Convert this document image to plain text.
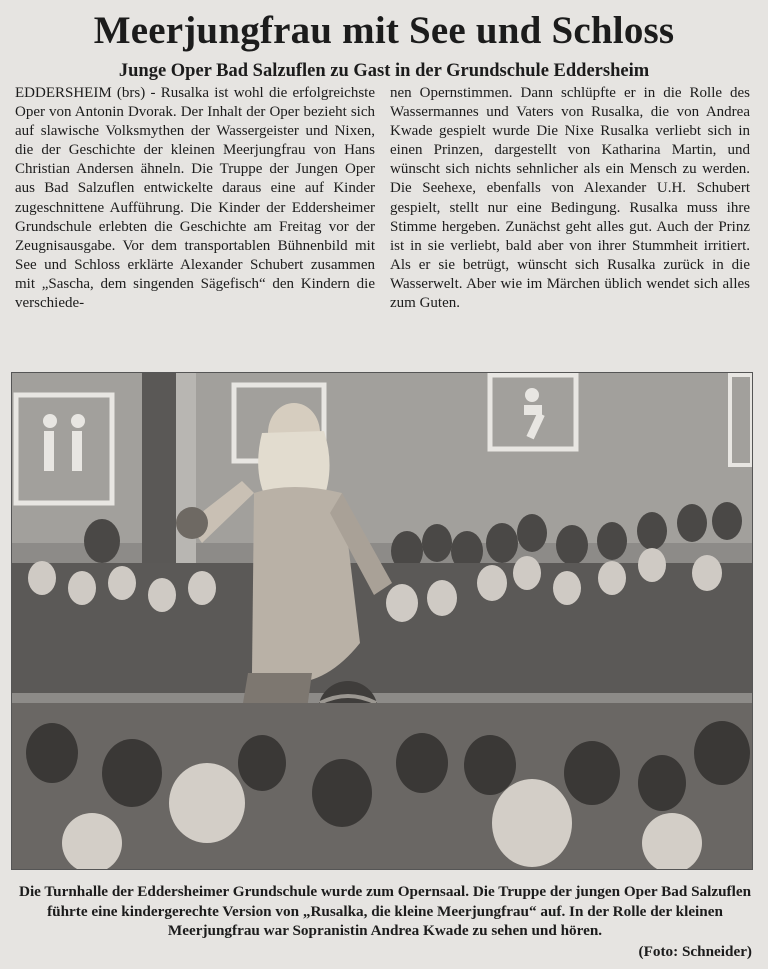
Meerjungfrau mit See und Schloss
Junge Oper Bad Salzuflen zu Gast in der Grundschule Eddersheim

EDDERSHEIM (brs) - Rusalka ist wohl die erfolgreichste Oper von Antonin Dvorak. Der Inhalt der Oper bezieht sich auf slawische Volksmythen der Wassergeister und Nixen, die der Geschichte der kleinen Meerjungfrau von Hans Christian Andersen ähneln. Die Truppe der Jungen Oper aus Bad Salzuflen entwickelte daraus eine auf Kinder zugeschnittene Aufführung. Die Kinder der Eddersheimer Grundschule erlebten die Geschichte am Freitag vor der Zeugnisausgabe. Vor dem transportablen Bühnenbild mit See und Schloss erklärte Alexander Schubert zusammen mit „Sascha, dem singenden Sägefisch“ den Kindern die verschiede-

nen Opernstimmen. Dann schlüpfte er in die Rolle des Wassermannes und Vaters von Rusalka, die von Andrea Kwade gespielt wurde Die Nixe Rusalka verliebt sich in einen Prinzen, dargestellt von Katharina Martin, und wünscht sich nichts sehnlicher als ein Mensch zu werden. Die Seehexe, ebenfalls von Alexander U.H. Schubert gespielt, stellt nur eine Bedingung. Rusalka muss ihre Stimme hergeben. Zunächst geht alles gut. Auch der Prinz ist in sie verliebt, bald aber von ihrer Stummheit irritiert. Als er sie betrügt, wünscht sich Rusalka zurück in die Wasserwelt. Aber wie im Märchen üblich wendet sich alles zum Guten.

Die Turnhalle der Eddersheimer Grundschule wurde zum Opernsaal. Die Truppe der jungen Oper Bad Salzuflen führte eine kindergerechte Version von „Rusalka, die kleine Meerjungfrau“ auf. In der Rolle der kleinen Meerjungfrau war Sopranistin Andrea Kwade zu sehen und hören.
(Foto: Schneider)
